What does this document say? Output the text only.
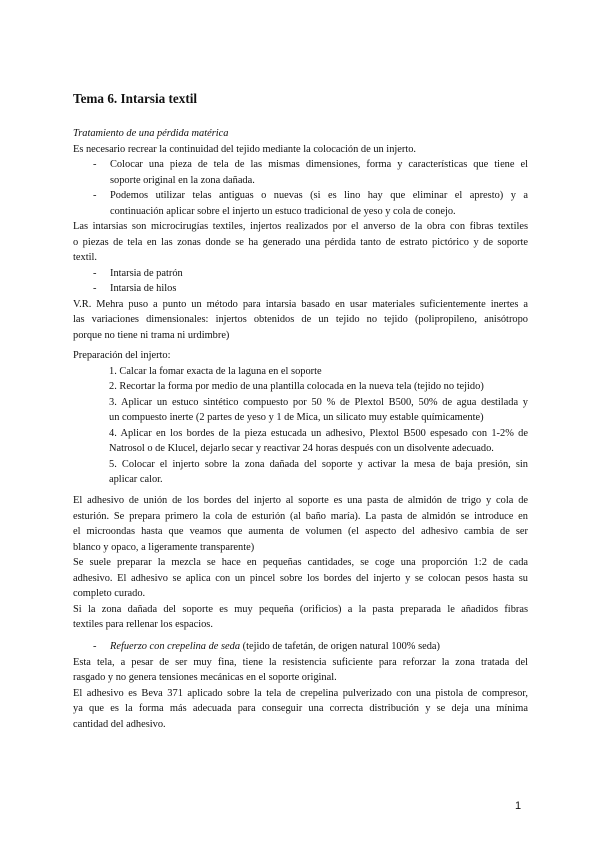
Tema 6. Intarsia textil
Tratamiento de una pérdida matérica
Es necesario recrear la continuidad del tejido mediante la colocación de un injerto.
- Colocar una pieza de tela de las mismas dimensiones, forma y características que tiene el
soporte original en la zona dañada.
- Podemos utilizar telas antiguas o nuevas (si es lino hay que eliminar el apresto) y a
continuación aplicar sobre el injerto un estuco tradicional de yeso y cola de conejo.
Las intarsias son microcirugías textiles, injertos realizados por el anverso de la obra con fibras textiles
o piezas de tela en las zonas donde se ha generado una pérdida tanto de estrato pictórico y de soporte
textil.
-	Intarsia de patrón
-	Intarsia de hilos
V.R. Mehra puso a punto un método para intarsia basado en usar materiales suficientemente inertes a
las variaciones dimensionales: injertos obtenidos de un tejido no tejido (polipropileno, anisótropo
porque no tiene ni trama ni urdimbre)
Preparación del injerto:
1. Calcar la fomar exacta de la laguna en el soporte
2. Recortar la forma por medio de una plantilla colocada en la nueva tela (tejido no tejido)
3. Aplicar un estuco sintético compuesto por 50 % de Plextol B500, 50% de agua destilada y
un compuesto inerte (2 partes de yeso y 1 de Mica, un silicato muy estable químicamente)
4. Aplicar en los bordes de la pieza estucada un adhesivo, Plextol B500 espesado con 1-2% de
Natrosol o de Klucel, dejarlo secar y reactivar 24 horas después con un disolvente adecuado.
5. Colocar el injerto sobre la zona dañada del soporte y activar la mesa de baja presión, sin
aplicar calor.
El adhesivo de unión de los bordes del injerto al soporte es una pasta de almidón de trigo y cola de
esturión. Se prepara primero la cola de esturión (al baño maría). La pasta de almidón se introduce en
el microondas hasta que veamos que aumenta de volumen (el aspecto del adhesivo cambia de ser
blanco y opaco, a ligeramente transparente)
Se suele preparar la mezcla se hace en pequeñas cantidades, se coge una proporción 1:2 de cada
adhesivo. El adhesivo se aplica con un pincel sobre los bordes del injerto y se colocan pesos hasta su
completo curado.
Si la zona dañada del soporte es muy pequeña (orificios) a la pasta preparada le añadidos fibras
textiles para rellenar los espacios.
-	Refuerzo con crepelina de seda (tejido de tafetán, de origen natural 100% seda)
Esta tela, a pesar de ser muy fina, tiene la resistencia suficiente para reforzar la zona tratada del
rasgado y no genera tensiones mecánicas en el soporte original.
El adhesivo es Beva 371 aplicado sobre la tela de crepelina pulverizado con una pistola de compresor,
ya que es la forma más adecuada para conseguir una correcta distribución y se deja una mínima
cantidad del adhesivo.
1
